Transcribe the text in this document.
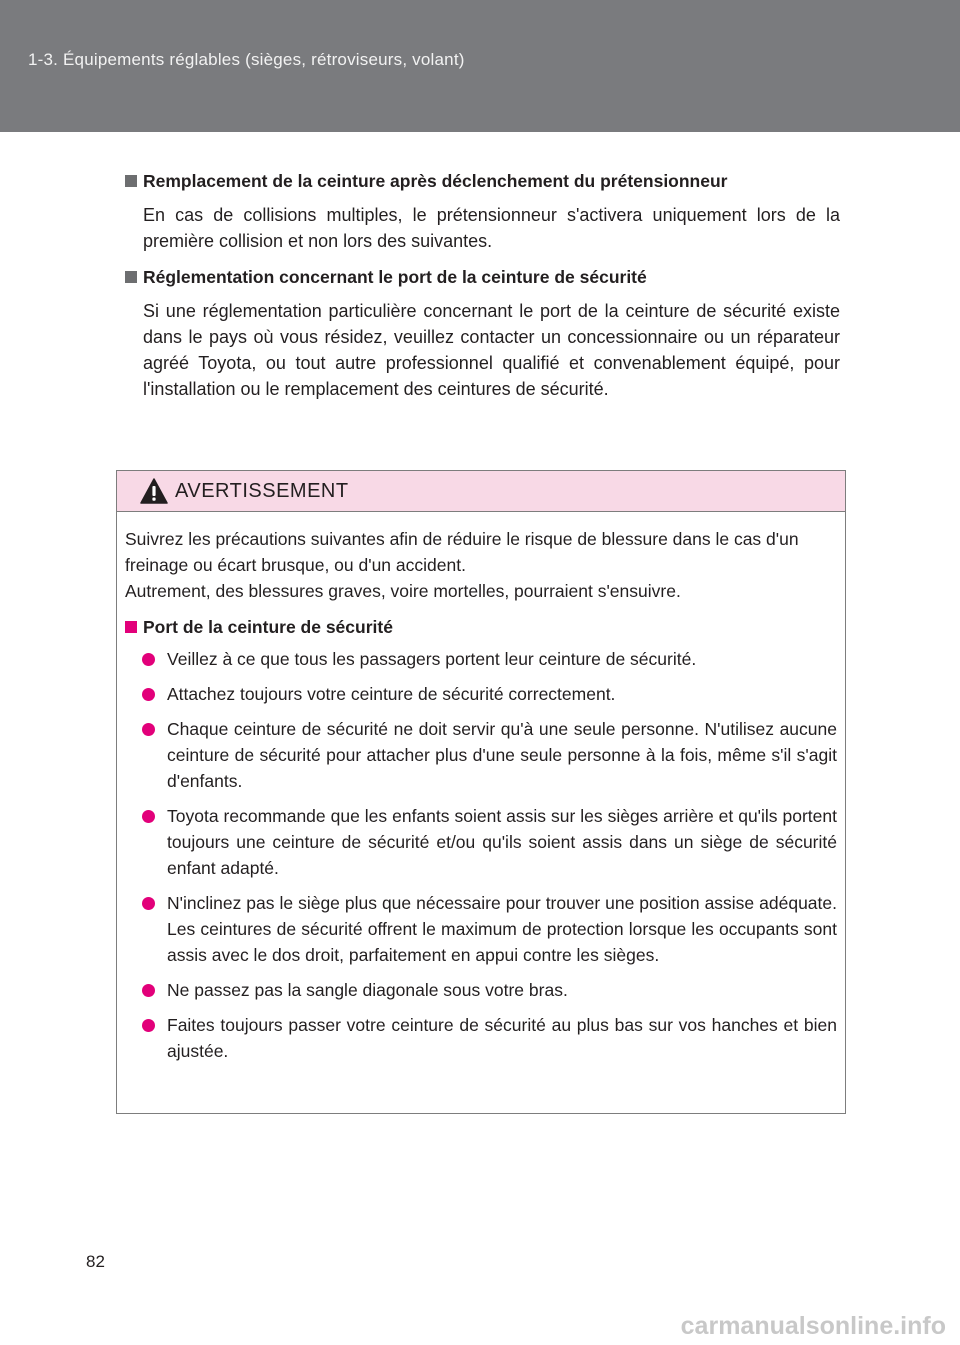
1-3. Équipements réglables (sièges, rétroviseurs, volant)
Remplacement de la ceinture après déclenchement du prétensionneur
En cas de collisions multiples, le prétensionneur s'activera uniquement lors de la première collision et non lors des suivantes.
Réglementation concernant le port de la ceinture de sécurité
Si une réglementation particulière concernant le port de la ceinture de sécurité existe dans le pays où vous résidez, veuillez contacter un concessionnaire ou un réparateur agréé Toyota, ou tout autre professionnel qualifié et convenablement équipé, pour l'installation ou le remplacement des ceintures de sécurité.
AVERTISSEMENT
Suivrez les précautions suivantes afin de réduire le risque de blessure dans le cas d'un freinage ou écart brusque, ou d'un accident.
Autrement, des blessures graves, voire mortelles, pourraient s'ensuivre.
Port de la ceinture de sécurité
Veillez à ce que tous les passagers portent leur ceinture de sécurité.
Attachez toujours votre ceinture de sécurité correctement.
Chaque ceinture de sécurité ne doit servir qu'à une seule personne. N'utilisez aucune ceinture de sécurité pour attacher plus d'une seule personne à la fois, même s'il s'agit d'enfants.
Toyota recommande que les enfants soient assis sur les sièges arrière et qu'ils portent toujours une ceinture de sécurité et/ou qu'ils soient assis dans un siège de sécurité enfant adapté.
N'inclinez pas le siège plus que nécessaire pour trouver une position assise adéquate. Les ceintures de sécurité offrent le maximum de protection lorsque les occupants sont assis avec le dos droit, parfaitement en appui contre les sièges.
Ne passez pas la sangle diagonale sous votre bras.
Faites toujours passer votre ceinture de sécurité au plus bas sur vos hanches et bien ajustée.
82
carmanualsonline.info
